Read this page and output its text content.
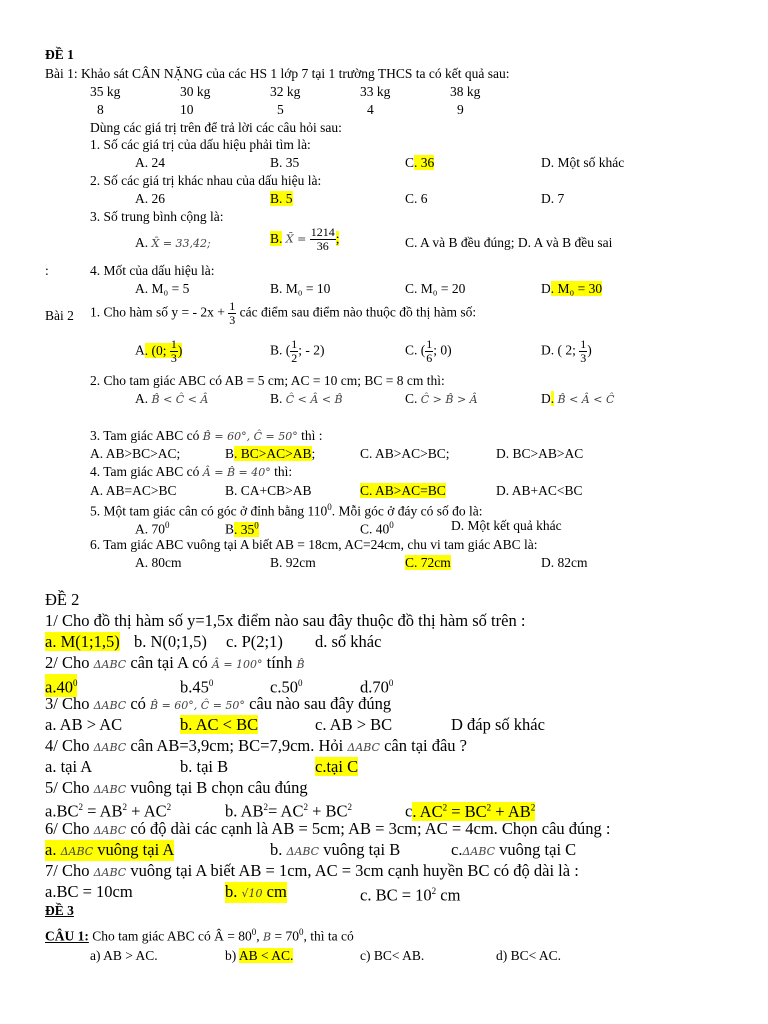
ĐỀ 1
Bài 1: Khảo sát CÂN NẶNG của các HS 1 lớp 7 tại 1 trường THCS ta có kết quả sau:
35 kg	30 kg	32 kg	33 kg	38 kg
8	10	5	4	9
Dùng các giá trị trên để trả lời các câu hỏi sau:
1. Số các giá trị của dấu hiệu phải tìm là:
A. 24	B. 35	C. 36	D. Một số khác
2. Số các giá trị khác nhau của dấu hiệu là:
A. 26	B. 5	C. 6	D. 7
3. Số trung bình cộng là:
A. X̄ = 33,42;	B. X̄ = $\frac{1214}{36}$ ;	C. A và B đều đúng; D. A và B đều sai
:	4. Mốt của dấu hiệu là:
A. M₀ = 5	B. M₀ = 10	C. M₀ = 20	D. M₀ = 30
Bài 2 1. Cho hàm số y = - $2x + \frac{1}{3}$ các điểm sau điểm nào thuộc đồ thị hàm số:
A. (0; $\frac{1}{3}$ )	B. ( $\frac{1}{2}$ ; - 2)	C. ( $\frac{1}{6}$ ; 0)	D. ( 2; $\frac{1}{3}$ )
2. Cho tam giác ABC có AB = 5 cm; AC = 10 cm; BC = 8 cm thì:
A. B̂ < Ĉ < Â	B. Ĉ < Â < B̂	C. Ĉ > B̂ > Â	D. B̂ < Â < Ĉ
3. Tam giác ABC có B̂ = 60°, Ĉ = 50° thì :
A. AB>BC>AC;	B. BC>AC>AB;	C. AB>AC>BC;	D. BC>AB>AC
4. Tam giác ABC có Â = B̂ = 40° thì:
A. AB=AC>BC	B. CA+CB>AB	C. AB>AC=BC	D. AB+AC<BC
5. Một tam giác cân có góc ở đỉnh bằng $110^0$. Mỗi góc ở đáy có số đo là:
A. $70^0$	B. $35^0$	C. $40^0$	D. Một kết quả khác
6. Tam giác ABC vuông tại A biết AB = 18cm, AC=24cm, chu vi tam giác ABC là:
A. 80cm	B. 92cm	C. 72cm	D. 82cm
ĐỀ 2
1/ Cho đồ thị hàm số y=1,5x điểm nào sau đây thuộc đồ thị hàm số trên :
a. M(1;1,5) b. N(0;1,5) c. P(2;1) d. số khác
2/ Cho ΔABC cân tại A có Â = 100° tính B̂
$a.40^0$	$b.45^0$	$c.50^0$	$d.70^0$
3/ Cho ΔABC có B̂ = 60°, Ĉ = 50° câu nào sau đây đúng
a. AB > AC	b. AC < BC	c. AB > BC	D đáp số khác
4/ Cho ΔABC cân AB=3,9cm; BC=7,9cm. Hỏi ΔABC cân tại đâu ?
a. tại A	b. tại B	c.tại C
5/ Cho ΔABC vuông tại B chọn câu đúng
$a.BC^2 = AB^2 + AC^2$	b. $AB^2= AC^2 + BC^2$	c. $AC^2 = BC^2 + AB^2$
6/ Cho ΔABC có độ dài các cạnh là AB = 5cm; AB = 3cm; AC = 4cm. Chọn câu đúng :
a. ΔABC vuông tại A	b. ΔABC vuông tại B	c.ΔABC vuông tại C
7/ Cho ΔABC vuông tại A biết AB = 1cm, AC = 3cm cạnh huyền BC có độ dài là :
a.BC = 10cm	b. √10 cm	c. BC = $10^2$ cm
ĐỀ 3
CÂU 1: Cho tam giác ABC có Â = $80^0$, $B = 70^0$, thì ta có
a) AB > AC.	b) AB < AC.	c) BC< AB.	d) BC< AC.
